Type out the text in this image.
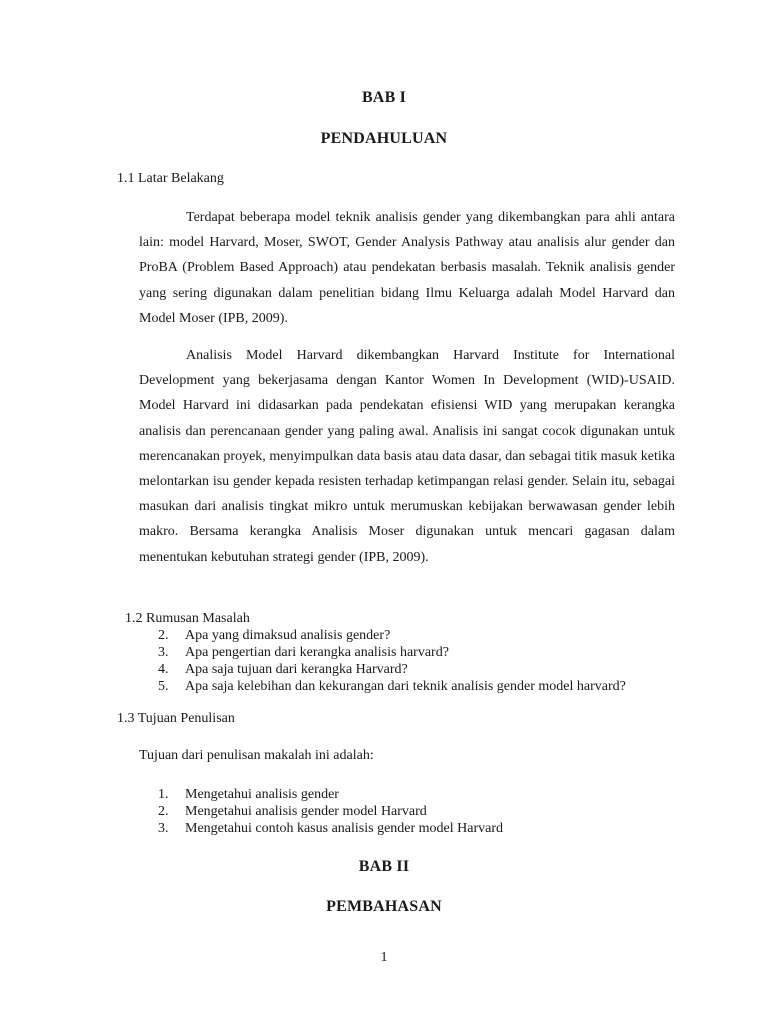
BAB I
PENDAHULUAN
1.1 Latar Belakang

Terdapat beberapa model teknik analisis gender yang dikembangkan para ahli antara lain: model Harvard, Moser, SWOT, Gender Analysis Pathway atau analisis alur gender dan ProBA (Problem Based Approach) atau pendekatan berbasis masalah. Teknik analisis gender yang sering digunakan dalam penelitian bidang Ilmu Keluarga adalah Model Harvard dan Model Moser (IPB, 2009).

Analisis Model Harvard dikembangkan Harvard Institute for International Development yang bekerjasama dengan Kantor Women In Development (WID)-USAID. Model Harvard ini didasarkan pada pendekatan efisiensi WID yang merupakan kerangka analisis dan perencanaan gender yang paling awal. Analisis ini sangat cocok digunakan untuk merencanakan proyek, menyimpulkan data basis atau data dasar, dan sebagai titik masuk ketika melontarkan isu gender kepada resisten terhadap ketimpangan relasi gender. Selain itu, sebagai masukan dari analisis tingkat mikro untuk merumuskan kebijakan berwawasan gender lebih makro. Bersama kerangka Analisis Moser digunakan untuk mencari gagasan dalam menentukan kebutuhan strategi gender (IPB, 2009).

1.2 Rumusan Masalah
2.	Apa yang dimaksud analisis gender?
3.	Apa pengertian dari kerangka analisis harvard?
4.	Apa saja tujuan dari kerangka Harvard?
5.	Apa saja kelebihan dan kekurangan dari teknik analisis gender model harvard?
1.3 Tujuan Penulisan
Tujuan dari penulisan makalah ini adalah:
1.	Mengetahui analisis gender
2.	Mengetahui analisis gender model Harvard
3.	Mengetahui contoh kasus analisis gender model Harvard
BAB II
PEMBAHASAN
1
